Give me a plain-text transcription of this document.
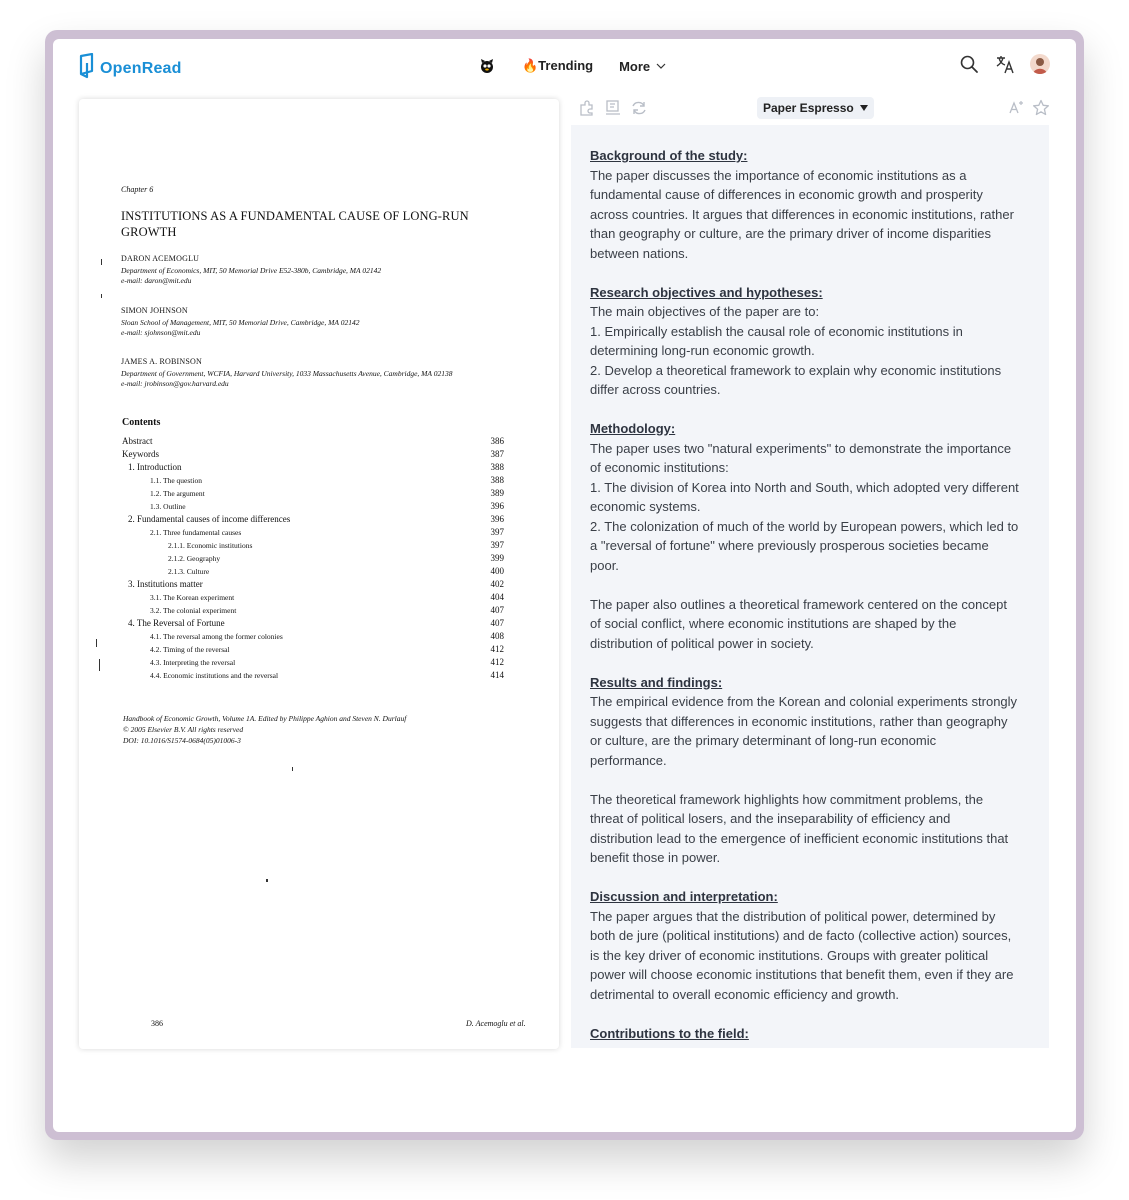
OpenRead	🔥Trending More
Chapter 6
INSTITUTIONS AS A FUNDAMENTAL CAUSE OF LONG-RUN GROWTH
DARON ACEMOGLU
Department of Economics, MIT, 50 Memorial Drive E52-380b, Cambridge, MA 02142
e-mail: daron@mit.edu
SIMON JOHNSON
Sloan School of Management, MIT, 50 Memorial Drive, Cambridge, MA 02142
e-mail: sjohnson@mit.edu
JAMES A. ROBINSON
Department of Government, WCFIA, Harvard University, 1033 Massachusetts Avenue, Cambridge, MA 02138
e-mail: jrobinson@gov.harvard.edu
Contents
Abstract	386
Keywords	387
1. Introduction	388
1.1. The question	388
1.2. The argument	389
1.3. Outline	396
2. Fundamental causes of income differences	396
2.1. Three fundamental causes	397
2.1.1. Economic institutions	397
2.1.2. Geography	399
2.1.3. Culture	400
3. Institutions matter	402
3.1. The Korean experiment	404
3.2. The colonial experiment	407
4. The Reversal of Fortune	407
4.1. The reversal among the former colonies	408
4.2. Timing of the reversal	412
4.3. Interpreting the reversal	412
4.4. Economic institutions and the reversal	414
Handbook of Economic Growth, Volume 1A. Edited by Philippe Aghion and Steven N. Durlauf
© 2005 Elsevier B.V. All rights reserved
DOI: 10.1016/S1574-0684(05)01006-3
386	D. Acemoglu et al.
Paper Espresso
Background of the study:

The paper discusses the importance of economic institutions as a

fundamental cause of differences in economic growth and prosperity

across countries. It argues that differences in economic institutions, rather

than geography or culture, are the primary driver of income disparities

between nations.

Research objectives and hypotheses:

The main objectives of the paper are to:

1. Empirically establish the causal role of economic institutions in

determining long-run economic growth.

2. Develop a theoretical framework to explain why economic institutions

differ across countries.

Methodology:

The paper uses two "natural experiments" to demonstrate the importance

of economic institutions:

1. The division of Korea into North and South, which adopted very different

economic systems.

2. The colonization of much of the world by European powers, which led to

a "reversal of fortune" where previously prosperous societies became

poor.

The paper also outlines a theoretical framework centered on the concept

of social conflict, where economic institutions are shaped by the

distribution of political power in society.

Results and findings:

The empirical evidence from the Korean and colonial experiments strongly

suggests that differences in economic institutions, rather than geography

or culture, are the primary determinant of long-run economic

performance.

The theoretical framework highlights how commitment problems, the

threat of political losers, and the inseparability of efficiency and

distribution lead to the emergence of inefficient economic institutions that

benefit those in power.

Discussion and interpretation:

The paper argues that the distribution of political power, determined by

both de jure (political institutions) and de facto (collective action) sources,

is the key driver of economic institutions. Groups with greater political

power will choose economic institutions that benefit them, even if they are

detrimental to overall economic efficiency and growth.

Contributions to the field:
